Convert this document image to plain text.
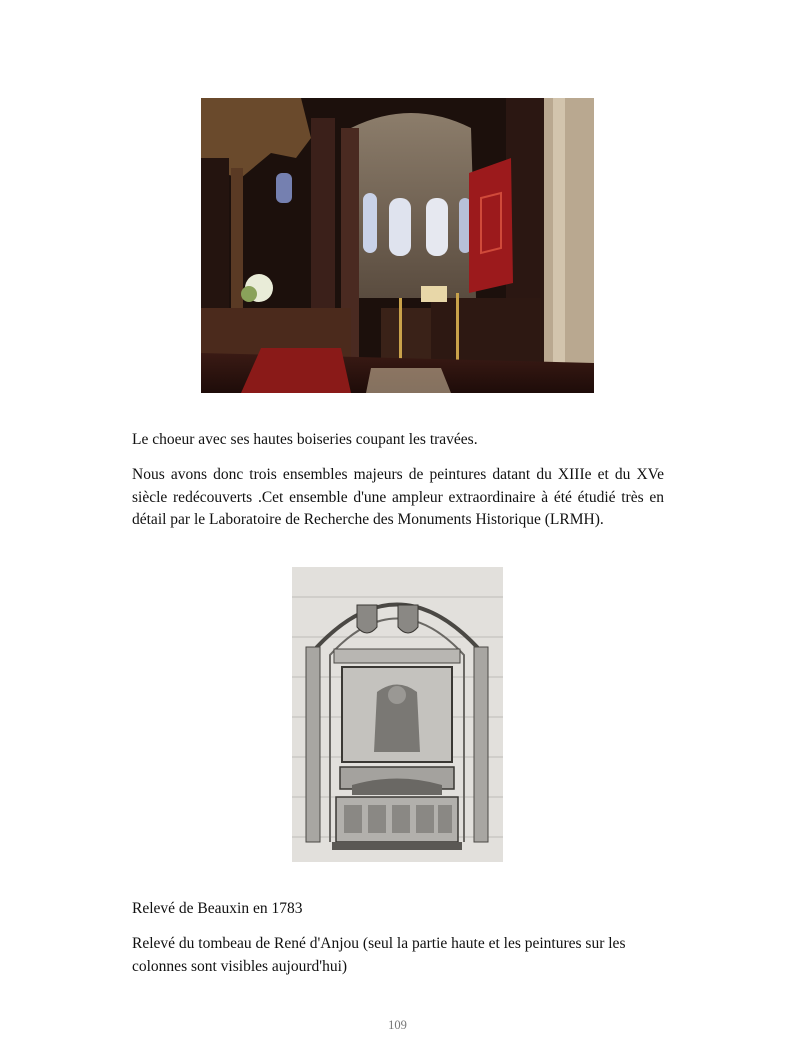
Le choeur avec ses hautes boiseries coupant les travées.

Nous avons donc trois ensembles majeurs de peintures datant du XIIIe et du XVe siècle redécouverts .Cet ensemble d'une ampleur extraordinaire à été étudié très en détail par le Laboratoire de Recherche des Monuments Historique (LRMH).

Relevé de Beauxin en 1783

Relevé du tombeau de René d'Anjou (seul la partie haute et les peintures sur les colonnes sont visibles aujourd'hui)

109
